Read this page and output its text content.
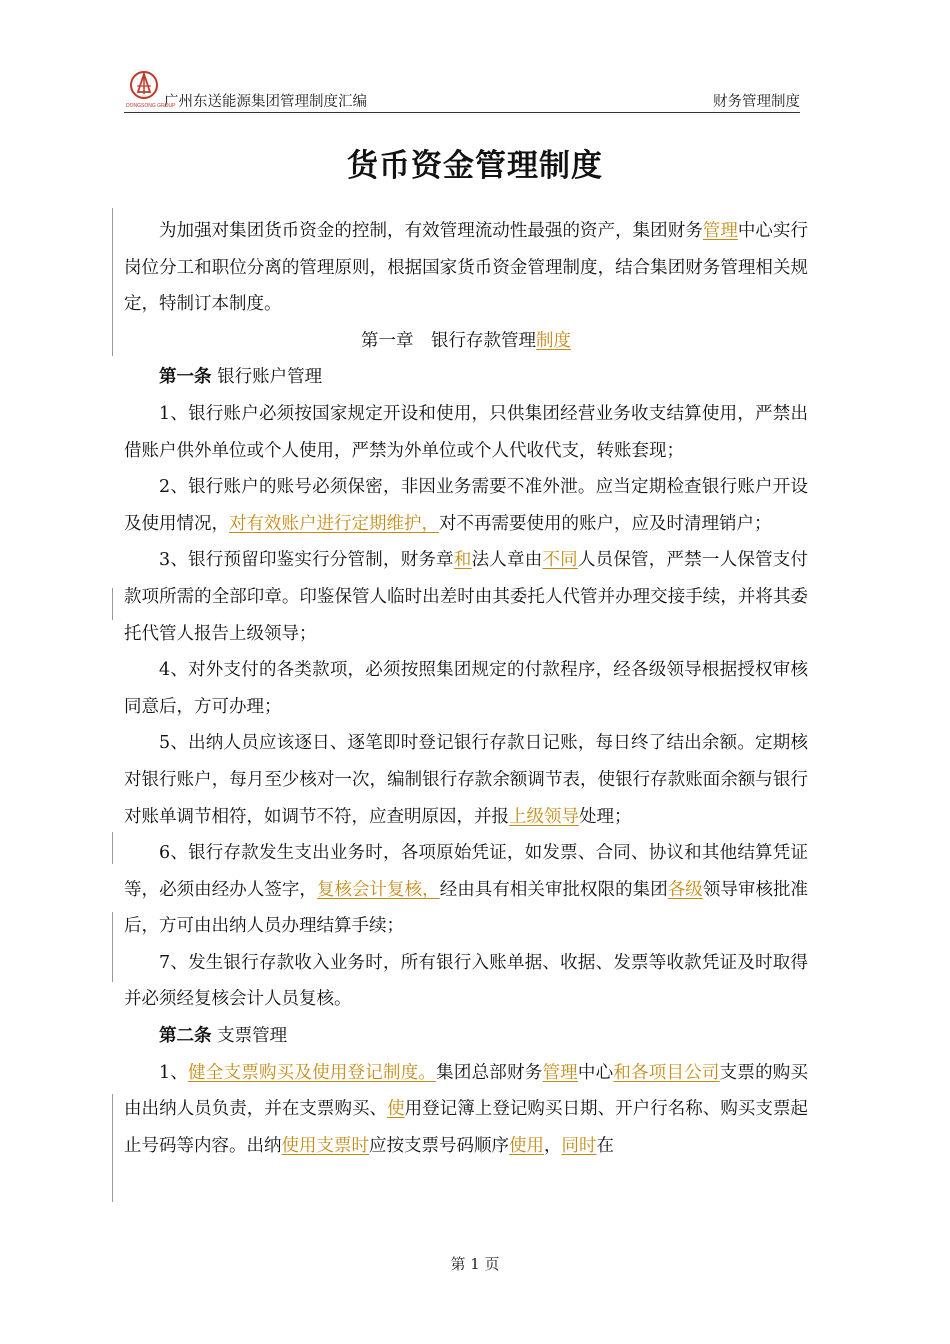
DONGSONG GROUP
广州东送能源集团管理制度汇编	财务管理制度
货币资金管理制度

为加强对集团货币资金的控制，有效管理流动性最强的资产，集团财务管理中心实行岗位分工和职位分离的管理原则，根据国家货币资金管理制度，结合集团财务管理相关规定，特制订本制度。

第一章　银行存款管理制度

第一条 银行账户管理

1、银行账户必须按国家规定开设和使用，只供集团经营业务收支结算使用，严禁出借账户供外单位或个人使用，严禁为外单位或个人代收代支，转账套现；

2、银行账户的账号必须保密，非因业务需要不准外泄。应当定期检查银行账户开设及使用情况，对有效账户进行定期维护，对不再需要使用的账户，应及时清理销户；

3、银行预留印鉴实行分管制，财务章和法人章由不同人员保管，严禁一人保管支付款项所需的全部印章。印鉴保管人临时出差时由其委托人代管并办理交接手续，并将其委托代管人报告上级领导；

4、对外支付的各类款项，必须按照集团规定的付款程序，经各级领导根据授权审核同意后，方可办理；

5、出纳人员应该逐日、逐笔即时登记银行存款日记账，每日终了结出余额。定期核对银行账户，每月至少核对一次，编制银行存款余额调节表，使银行存款账面余额与银行对账单调节相符，如调节不符，应查明原因，并报上级领导处理；

6、银行存款发生支出业务时，各项原始凭证，如发票、合同、协议和其他结算凭证等，必须由经办人签字，复核会计复核，经由具有相关审批权限的集团各级领导审核批准后，方可由出纳人员办理结算手续；

7、发生银行存款收入业务时，所有银行入账单据、收据、发票等收款凭证及时取得并必须经复核会计人员复核。

第二条 支票管理

1、健全支票购买及使用登记制度。集团总部财务管理中心和各项目公司支票的购买由出纳人员负责，并在支票购买、使用登记簿上登记购买日期、开户行名称、购买支票起止号码等内容。出纳使用支票时应按支票号码顺序使用，同时在

第 1 页
